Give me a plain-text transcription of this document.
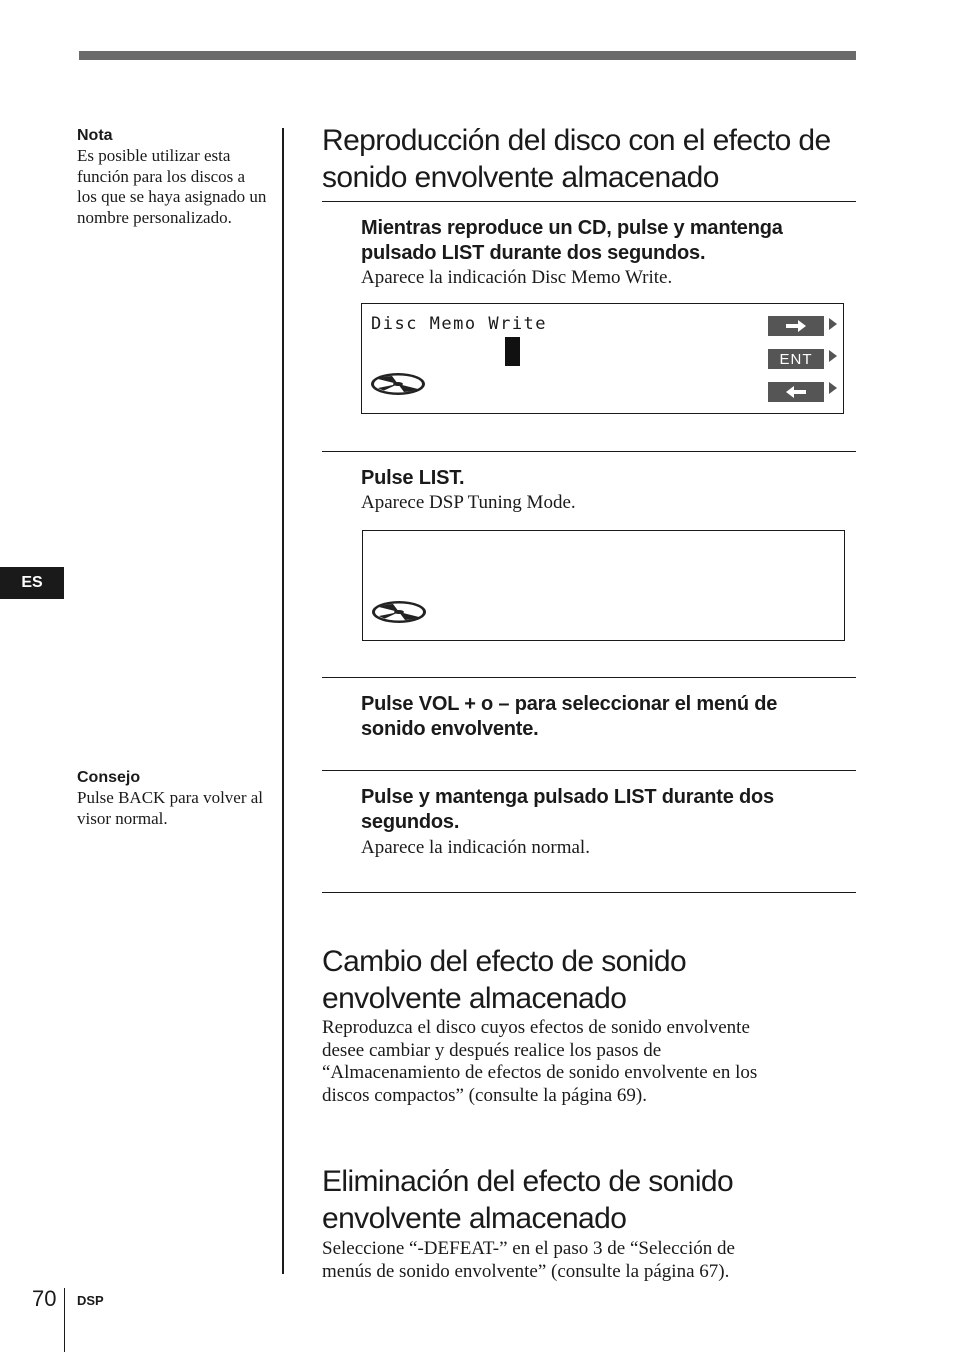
Nota
Es posible utilizar esta función para los discos a los que se haya asignado un nombre personalizado.
ES
Consejo
Pulse BACK para volver al visor normal.
Reproducción del disco con el efecto de
sonido envolvente almacenado
Mientras reproduce un CD, pulse y mantenga
pulsado LIST durante dos segundos.
Aparece la indicación Disc Memo Write.
Disc Memo Write
ENT
Pulse LIST.
Aparece DSP Tuning Mode.
Pulse VOL + o – para seleccionar el menú de
sonido envolvente.
Pulse y mantenga pulsado LIST durante dos
segundos.
Aparece la indicación normal.
Cambio del efecto de sonido
envolvente almacenado
Reproduzca el disco cuyos efectos de sonido envolvente
desee cambiar y después realice los pasos de
“Almacenamiento de efectos de sonido envolvente en los
discos compactos” (consulte la página 69).
Eliminación del efecto de sonido
envolvente almacenado
Seleccione “-DEFEAT-” en el paso 3 de “Selección de
menús de sonido envolvente” (consulte la página 67).
70 DSP
